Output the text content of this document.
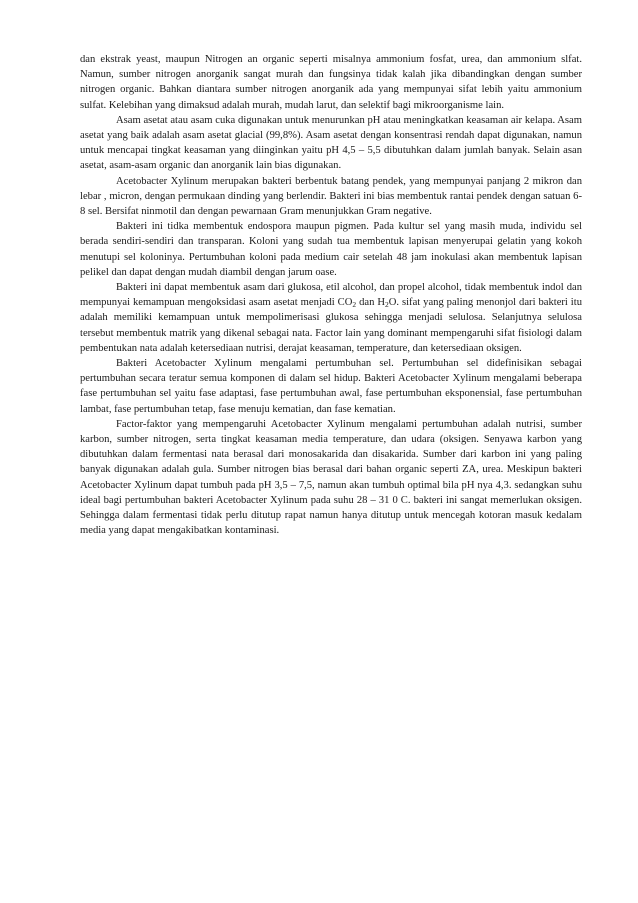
dan ekstrak yeast, maupun Nitrogen an organic seperti misalnya ammonium fosfat, urea, dan ammonium slfat. Namun, sumber nitrogen anorganik sangat murah dan fungsinya tidak kalah jika dibandingkan dengan sumber nitrogen organic. Bahkan diantara sumber nitrogen anorganik ada yang mempunyai sifat lebih yaitu ammonium sulfat. Kelebihan yang dimaksud adalah murah, mudah larut, dan selektif bagi mikroorganisme lain.

Asam asetat atau asam cuka digunakan untuk menurunkan pH atau meningkatkan keasaman air kelapa. Asam asetat yang baik adalah asam asetat glacial (99,8%). Asam asetat dengan konsentrasi rendah dapat digunakan, namun untuk mencapai tingkat keasaman yang diinginkan yaitu pH 4,5 – 5,5 dibutuhkan dalam jumlah banyak. Selain asan asetat, asam-asam organic dan anorganik lain bias digunakan.

Acetobacter Xylinum merupakan bakteri berbentuk batang pendek, yang mempunyai panjang 2 mikron dan lebar , micron, dengan permukaan dinding yang berlendir. Bakteri ini bias membentuk rantai pendek dengan satuan 6-8 sel. Bersifat ninmotil dan dengan pewarnaan Gram menunjukkan Gram negative.

Bakteri ini tidka membentuk endospora maupun pigmen. Pada kultur sel yang masih muda, individu sel berada sendiri-sendiri dan transparan. Koloni yang sudah tua membentuk lapisan menyerupai gelatin yang kokoh menutupi sel koloninya. Pertumbuhan koloni pada medium cair setelah 48 jam inokulasi akan membentuk lapisan pelikel dan dapat dengan mudah diambil dengan jarum oase.

Bakteri ini dapat membentuk asam dari glukosa, etil alcohol, dan propel alcohol, tidak membentuk indol dan mempunyai kemampuan mengoksidasi asam asetat menjadi $CO_2$ dan $H_2O$. sifat yang paling menonjol dari bakteri itu adalah memiliki kemampuan untuk mempolimerisasi glukosa sehingga menjadi selulosa. Selanjutnya selulosa tersebut membentuk matrik yang dikenal sebagai nata. Factor lain yang dominant mempengaruhi sifat fisiologi dalam pembentukan nata adalah ketersediaan nutrisi, derajat keasaman, temperature, dan ketersediaan oksigen.

Bakteri Acetobacter Xylinum mengalami pertumbuhan sel. Pertumbuhan sel didefinisikan sebagai pertumbuhan secara teratur semua komponen di dalam sel hidup. Bakteri Acetobacter Xylinum mengalami beberapa fase pertumbuhan sel yaitu fase adaptasi, fase pertumbuhan awal, fase pertumbuhan eksponensial, fase pertumbuhan lambat, fase pertumbuhan tetap, fase menuju kematian, dan fase kematian.

Factor-faktor yang mempengaruhi Acetobacter Xylinum mengalami pertumbuhan adalah nutrisi, sumber karbon, sumber nitrogen, serta tingkat keasaman media temperature, dan udara (oksigen. Senyawa karbon yang dibutuhkan dalam fermentasi nata berasal dari monosakarida dan disakarida. Sumber dari karbon ini yang paling banyak digunakan adalah gula. Sumber nitrogen bias berasal dari bahan organic seperti ZA, urea. Meskipun bakteri Acetobacter Xylinum dapat tumbuh pada pH 3,5 – 7,5, namun akan tumbuh optimal bila pH nya 4,3. sedangkan suhu ideal bagi pertumbuhan bakteri Acetobacter Xylinum pada suhu 28 – 31 0 C. bakteri ini sangat memerlukan oksigen. Sehingga dalam fermentasi tidak perlu ditutup rapat namun hanya ditutup untuk mencegah kotoran masuk kedalam media yang dapat mengakibatkan kontaminasi.
